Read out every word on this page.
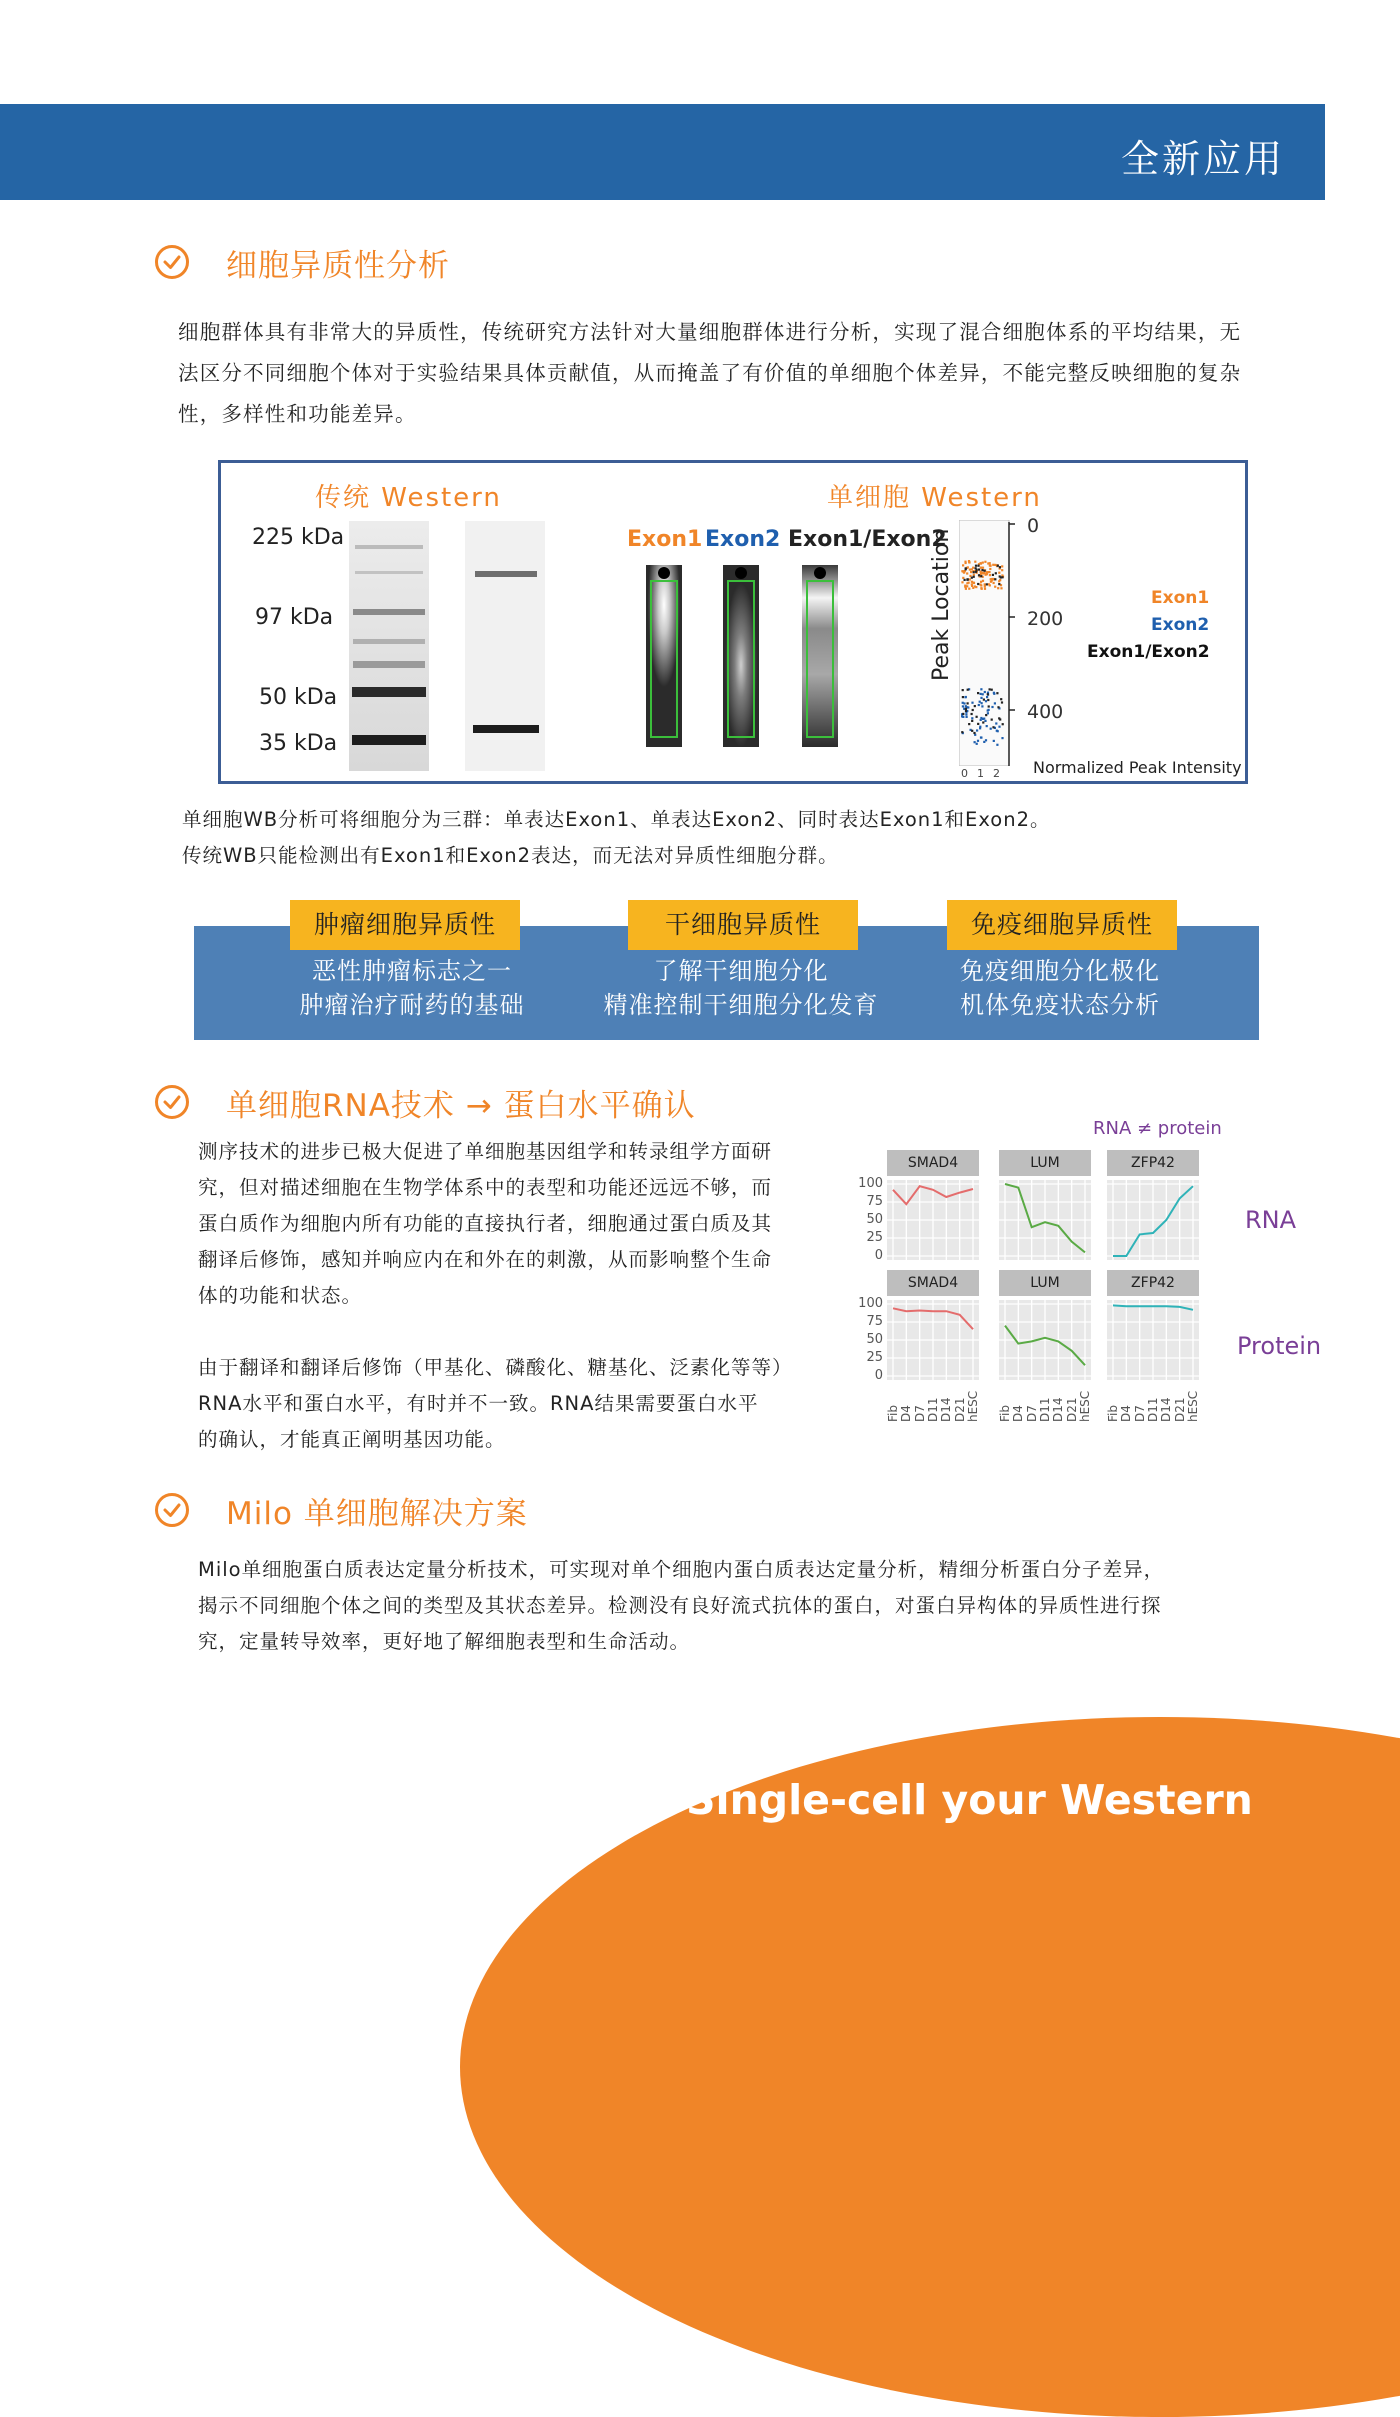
全新应用
细胞异质性分析
细胞群体具有非常大的异质性，传统研究方法针对大量细胞群体进行分析，实现了混合细胞体系的平均结果，无
法区分不同细胞个体对于实验结果具体贡献值，从而掩盖了有价值的单细胞个体差异，不能完整反映细胞的复杂
性，多样性和功能差异。
传统 Western	单细胞 Western
225 kDa
97 kDa
50 kDa
35 kDa
Exon1 Exon2 Exon1/Exon2
Peak Location
0
200
400
0 1 2 Normalized Peak Intensity
Exon1
Exon2
Exon1/Exon2
单细胞WB分析可将细胞分为三群：单表达Exon1、单表达Exon2、同时表达Exon1和Exon2。
传统WB只能检测出有Exon1和Exon2表达，而无法对异质性细胞分群。
肿瘤细胞异质性	干细胞异质性	免疫细胞异质性
恶性肿瘤标志之一
肿瘤治疗耐药的基础
了解干细胞分化
精准控制干细胞分化发育
免疫细胞分化极化
机体免疫状态分析
单细胞RNA技术 → 蛋白水平确认
测序技术的进步已极大促进了单细胞基因组学和转录组学方面研
究，但对描述细胞在生物学体系中的表型和功能还远远不够，而
蛋白质作为细胞内所有功能的直接执行者，细胞通过蛋白质及其
翻译后修饰，感知并响应内在和外在的刺激，从而影响整个生命
体的功能和状态。
由于翻译和翻译后修饰（甲基化、磷酸化、糖基化、泛素化等等）
RNA水平和蛋白水平，有时并不一致。RNA结果需要蛋白水平
的确认，才能真正阐明基因功能。
RNA ≠ protein
RNA
Protein
SMAD4
100
75
50
25
0
LUM	ZFP42
SMAD4
100
75
50
25
0
Fib D4 D7 D11 D14 D21 hESC
LUM
Fib D4 D7 D11 D14 D21 hESC
ZFP42
Fib D4 D7 D11 D14 D21 hESC
Milo 单细胞解决方案
Milo单细胞蛋白质表达定量分析技术，可实现对单个细胞内蛋白质表达定量分析，精细分析蛋白分子差异，
揭示不同细胞个体之间的类型及其状态差异。检测没有良好流式抗体的蛋白，对蛋白异构体的异质性进行探
究，定量转导效率，更好地了解细胞表型和生命活动。
Single-cell your Western
